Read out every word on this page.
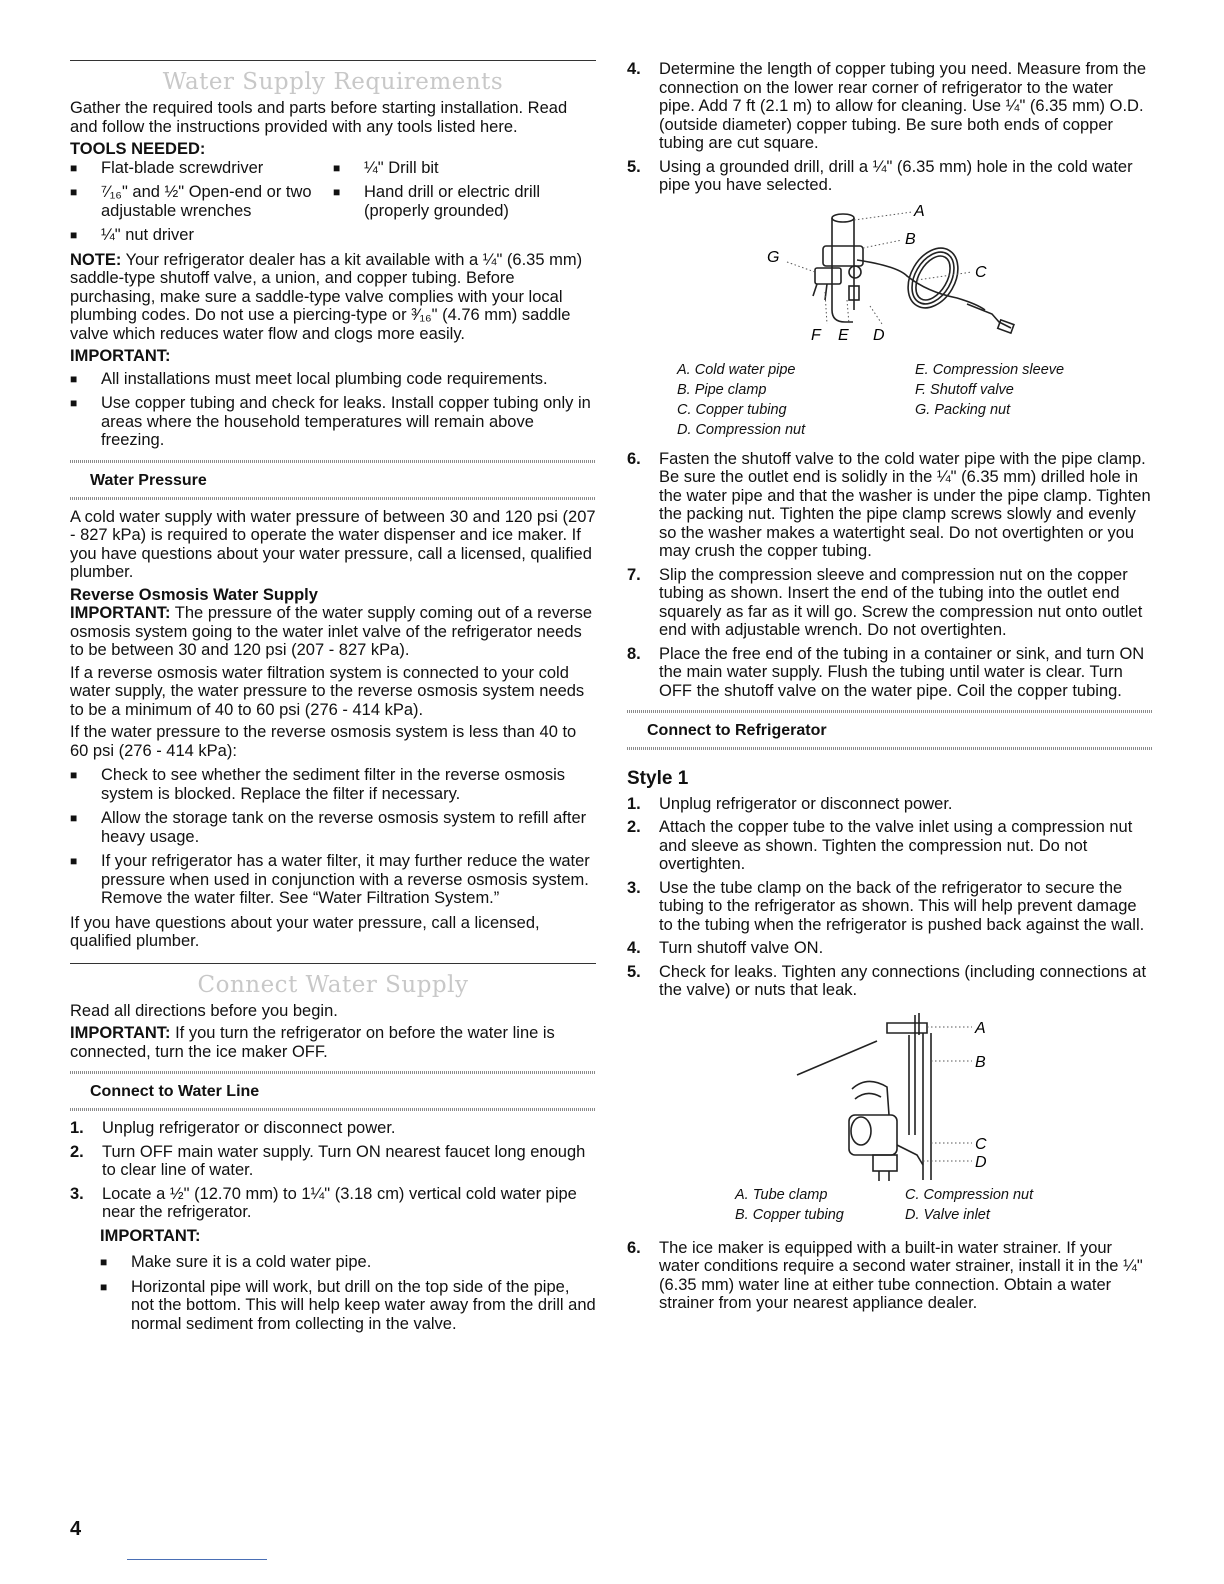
Water Supply Requirements

Gather the required tools and parts before starting installation. Read and follow the instructions provided with any tools listed here.

TOOLS NEEDED:
■ Flat-blade screwdriver
■ ⁷⁄₁₆" and ½" Open-end or two adjustable wrenches
■ ¼" Drill bit
■ Hand drill or electric drill (properly grounded)
■ ¼" nut driver

NOTE: Your refrigerator dealer has a kit available with a ¼" (6.35 mm) saddle-type shutoff valve, a union, and copper tubing. Before purchasing, make sure a saddle-type valve complies with your local plumbing codes. Do not use a piercing-type or ³⁄₁₆" (4.76 mm) saddle valve which reduces water flow and clogs more easily.

IMPORTANT:
■ All installations must meet local plumbing code requirements.
■ Use copper tubing and check for leaks. Install copper tubing only in areas where the household temperatures will remain above freezing.
Water Pressure

A cold water supply with water pressure of between 30 and 120 psi (207 - 827 kPa) is required to operate the water dispenser and ice maker. If you have questions about your water pressure, call a licensed, qualified plumber.

Reverse Osmosis Water Supply

IMPORTANT: The pressure of the water supply coming out of a reverse osmosis system going to the water inlet valve of the refrigerator needs to be between 30 and 120 psi (207 - 827 kPa).

If a reverse osmosis water filtration system is connected to your cold water supply, the water pressure to the reverse osmosis system needs to be a minimum of 40 to 60 psi (276 - 414 kPa).

If the water pressure to the reverse osmosis system is less than 40 to 60 psi (276 - 414 kPa):

■ Check to see whether the sediment filter in the reverse osmosis system is blocked. Replace the filter if necessary.
■ Allow the storage tank on the reverse osmosis system to refill after heavy usage.
■ If your refrigerator has a water filter, it may further reduce the water pressure when used in conjunction with a reverse osmosis system. Remove the water filter. See “Water Filtration System.”

If you have questions about your water pressure, call a licensed, qualified plumber.

Connect Water Supply

Read all directions before you begin.

IMPORTANT: If you turn the refrigerator on before the water line is connected, turn the ice maker OFF.

Connect to Water Line
1. Unplug refrigerator or disconnect power.
2. Turn OFF main water supply. Turn ON nearest faucet long enough to clear line of water.
3. Locate a ½" (12.70 mm) to 1¼" (3.18 cm) vertical cold water pipe near the refrigerator.
IMPORTANT:
■ Make sure it is a cold water pipe.
■ Horizontal pipe will work, but drill on the top side of the pipe, not the bottom. This will help keep water away from the drill and normal sediment from collecting in the valve.
4. Determine the length of copper tubing you need. Measure from the connection on the lower rear corner of refrigerator to the water pipe. Add 7 ft (2.1 m) to allow for cleaning. Use ¼" (6.35 mm) O.D. (outside diameter) copper tubing. Be sure both ends of copper tubing are cut square.
5. Using a grounded drill, drill a ¼" (6.35 mm) hole in the cold water pipe you have selected.
A
B
C
D
E
F
G
A. Cold water pipe
B. Pipe clamp
C. Copper tubing
D. Compression nut
E. Compression sleeve
F. Shutoff valve
G. Packing nut
6. Fasten the shutoff valve to the cold water pipe with the pipe clamp. Be sure the outlet end is solidly in the ¼" (6.35 mm) drilled hole in the water pipe and that the washer is under the pipe clamp. Tighten the packing nut. Tighten the pipe clamp screws slowly and evenly so the washer makes a watertight seal. Do not overtighten or you may crush the copper tubing.
7. Slip the compression sleeve and compression nut on the copper tubing as shown. Insert the end of the tubing into the outlet end squarely as far as it will go. Screw the compression nut onto outlet end with adjustable wrench. Do not overtighten.
8. Place the free end of the tubing in a container or sink, and turn ON the main water supply. Flush the tubing until water is clear. Turn OFF the shutoff valve on the water pipe. Coil the copper tubing.
Connect to Refrigerator
Style 1
1. Unplug refrigerator or disconnect power.
2. Attach the copper tube to the valve inlet using a compression nut and sleeve as shown. Tighten the compression nut. Do not overtighten.
3. Use the tube clamp on the back of the refrigerator to secure the tubing to the refrigerator as shown. This will help prevent damage to the tubing when the refrigerator is pushed back against the wall.
4. Turn shutoff valve ON.
5. Check for leaks. Tighten any connections (including connections at the valve) or nuts that leak.
A
B
C
D
A. Tube clamp
B. Copper tubing
C. Compression nut
D. Valve inlet
6. The ice maker is equipped with a built-in water strainer. If your water conditions require a second water strainer, install it in the ¼" (6.35 mm) water line at either tube connection. Obtain a water strainer from your nearest appliance dealer.
4
